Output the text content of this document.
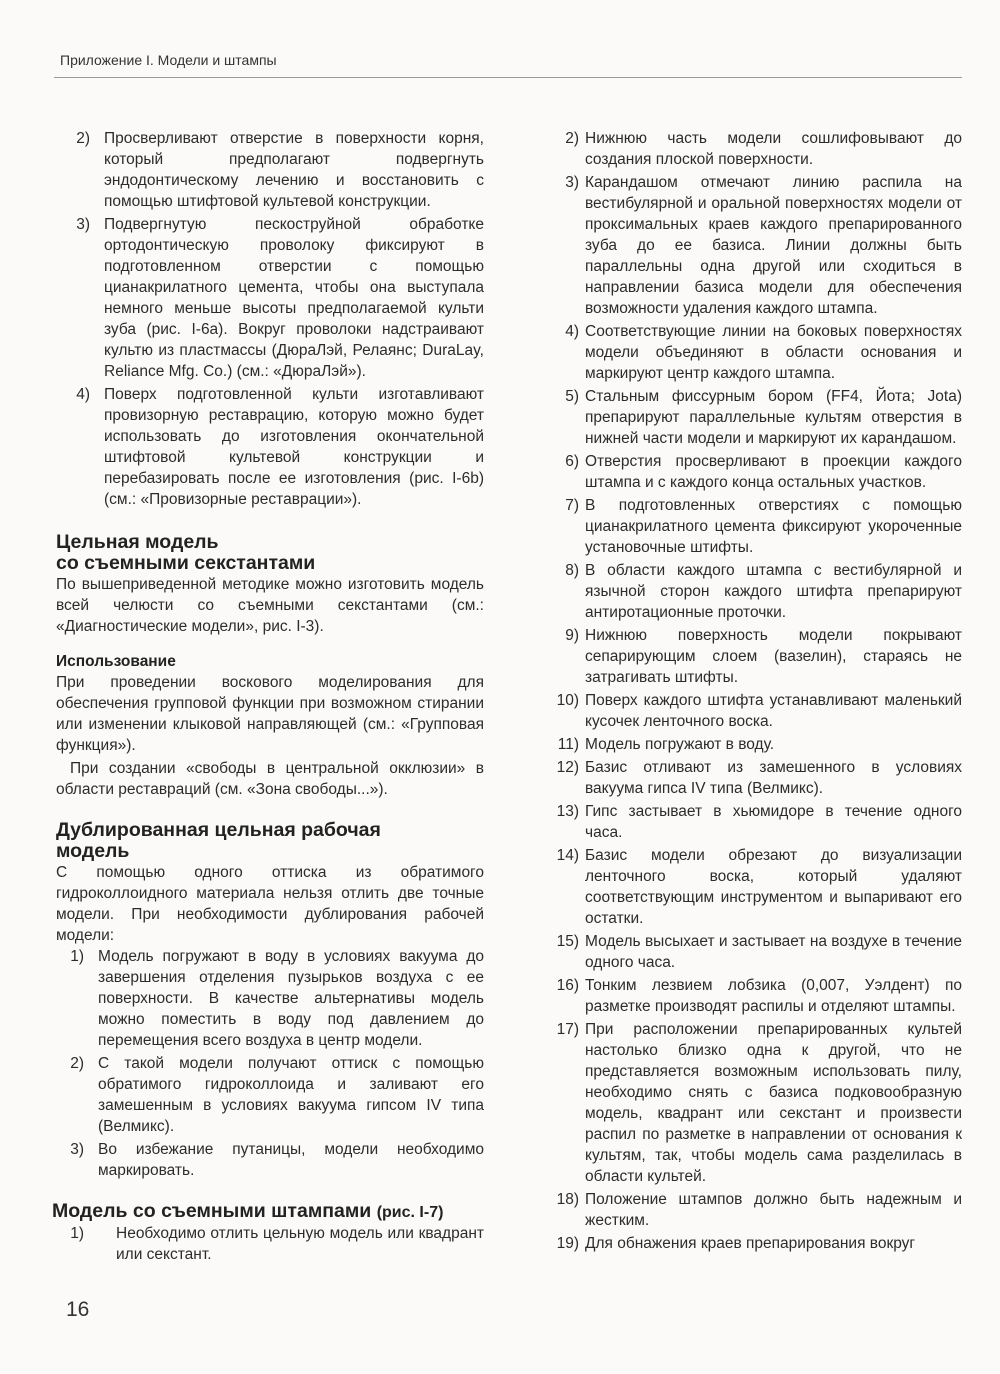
Приложение I. Модели и штампы
2) Просверливают отверстие в поверхности корня, который предполагают подвергнуть эндодонтическому лечению и восстановить с помощью штифтовой культевой конструкции.
3) Подвергнутую пескоструйной обработке ортодонтическую проволоку фиксируют в подготовленном отверстии с помощью цианакрилатного цемента, чтобы она выступала немного меньше высоты предполагаемой культи зуба (рис. I-6а). Вокруг проволоки надстраивают культю из пластмассы (ДюраЛэй, Релаянс; DuraLay, Reliance Mfg. Co.) (см.: «ДюраЛэй»).
4) Поверх подготовленной культи изготавливают провизорную реставрацию, которую можно будет использовать до изготовления окончательной штифтовой культевой конструкции и перебазировать после ее изготовления (рис. I-6b) (см.: «Провизорные реставрации»).
Цельная модель
со съемными секстантами

По вышеприведенной методике можно изготовить модель всей челюсти со съемными секстантами (см.: «Диагностические модели», рис. I-3).

Использование

При проведении воскового моделирования для обеспечения групповой функции при возможном стирании или изменении клыковой направляющей (см.: «Групповая функция»).

При создании «свободы в центральной окклюзии» в области реставраций (см. «Зона свободы...»).

Дублированная цельная рабочая
модель

С помощью одного оттиска из обратимого гидроколлоидного материала нельзя отлить две точные модели. При необходимости дублирования рабочей модели:

1) Модель погружают в воду в условиях вакуума до завершения отделения пузырьков воздуха с ее поверхности. В качестве альтернативы модель можно поместить в воду под давлением до перемещения всего воздуха в центр модели.
2) С такой модели получают оттиск с помощью обратимого гидроколлоида и заливают его замешенным в условиях вакуума гипсом IV типа (Велмикс).
3) Во избежание путаницы, модели необходимо маркировать.
Модель со съемными штампами (рис. I-7)
1)	Необходимо отлить цельную модель или квадрант или секстант.
2) Нижнюю часть модели сошлифовывают до создания плоской поверхности.
3) Карандашом отмечают линию распила на вестибулярной и оральной поверхностях модели от проксимальных краев каждого препарированного зуба до ее базиса. Линии должны быть параллельны одна другой или сходиться в направлении базиса модели для обеспечения возможности удаления каждого штампа.
4) Соответствующие линии на боковых поверхностях модели объединяют в области основания и маркируют центр каждого штампа.
5) Стальным фиссурным бором (FF4, Йота; Jota) препарируют параллельные культям отверстия в нижней части модели и маркируют их карандашом.
6) Отверстия просверливают в проекции каждого штампа и с каждого конца остальных участков.
7) В подготовленных отверстиях с помощью цианакрилатного цемента фиксируют укороченные установочные штифты.
8) В области каждого штампа с вестибулярной и язычной сторон каждого штифта препарируют антиротационные проточки.
9) Нижнюю поверхность модели покрывают сепарирующим слоем (вазелин), стараясь не затрагивать штифты.
10) Поверх каждого штифта устанавливают маленький кусочек ленточного воска.
11) Модель погружают в воду.
12) Базис отливают из замешенного в условиях вакуума гипса IV типа (Велмикс).
13) Гипс застывает в хьюмидоре в течение одного часа.
14) Базис модели обрезают до визуализации ленточного воска, который удаляют соответствующим инструментом и выпаривают его остатки.
15) Модель высыхает и застывает на воздухе в течение одного часа.
16) Тонким лезвием лобзика (0,007, Уэлдент) по разметке производят распилы и отделяют штампы.
17) При расположении препарированных культей настолько близко одна к другой, что не представляется возможным использовать пилу, необходимо снять с базиса подковообразную модель, квадрант или секстант и произвести распил по разметке в направлении от основания к культям, так, чтобы модель сама разделилась в области культей.
18) Положение штампов должно быть надежным и жестким.
19) Для обнажения краев препарирования вокруг
16
